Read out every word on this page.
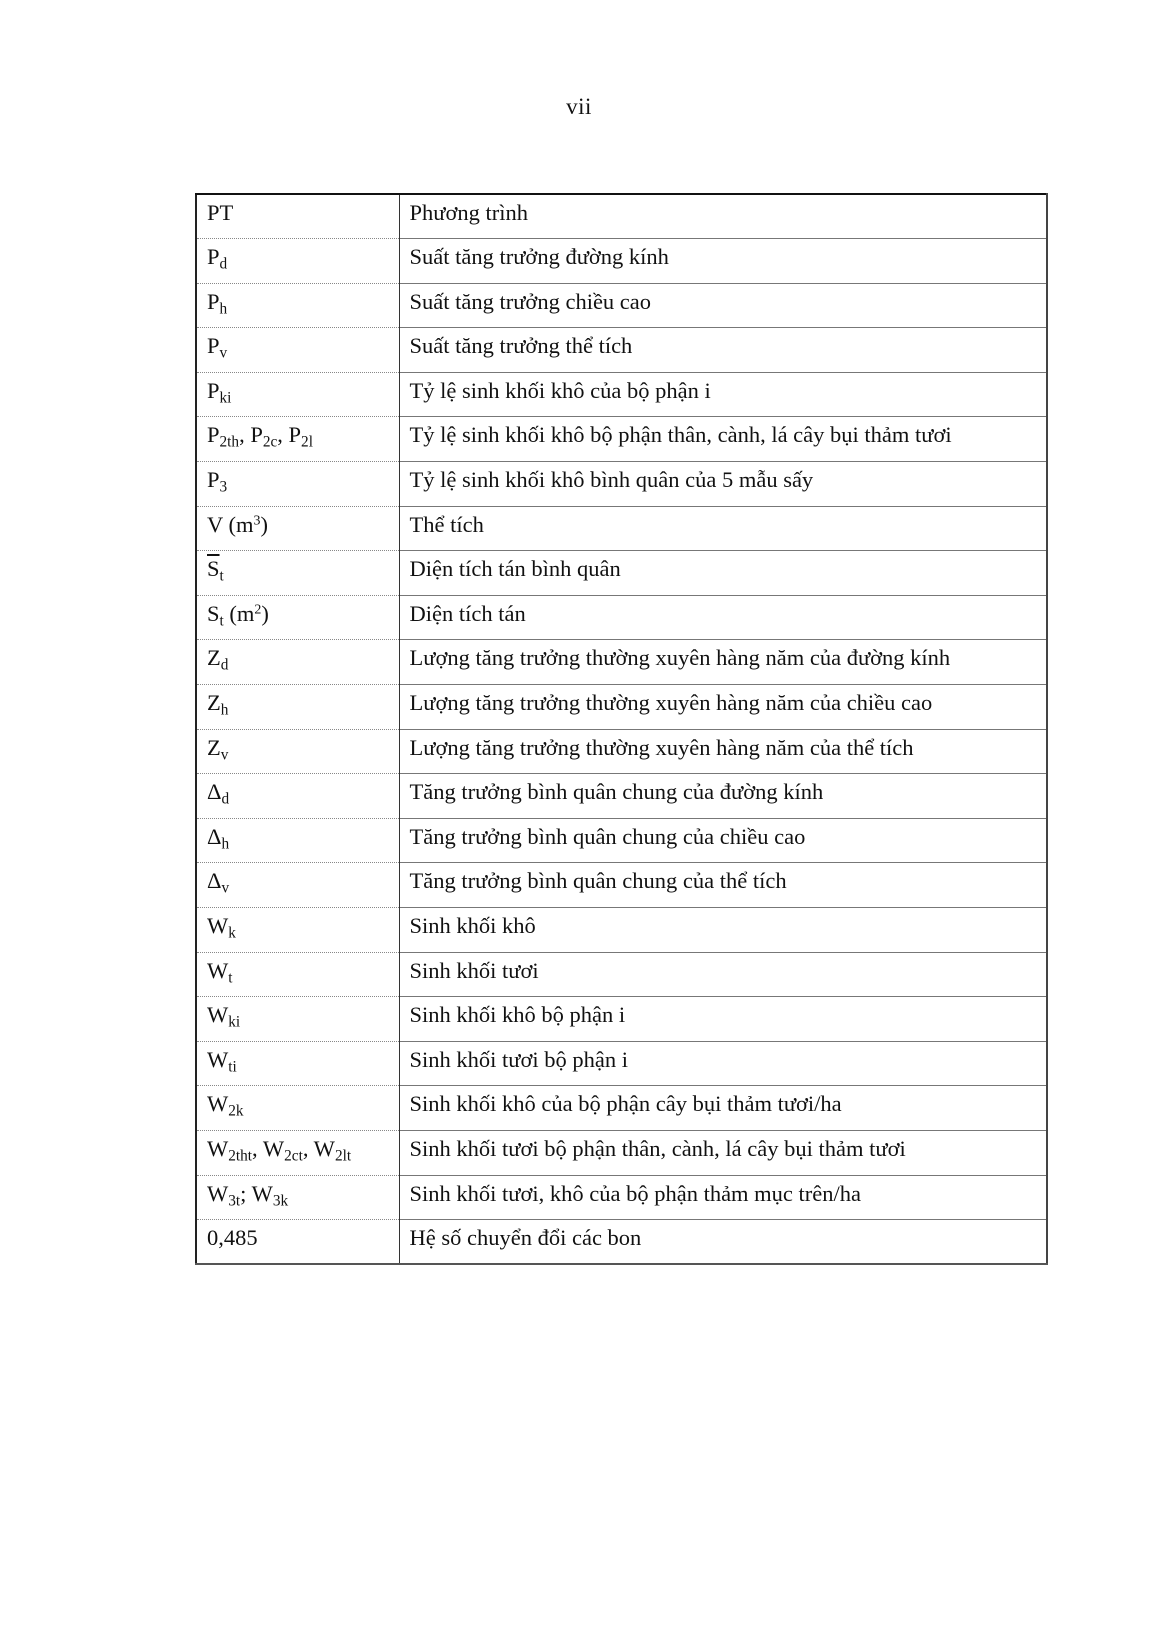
vii
PT	Phương trình
$P_d$	Suất tăng trưởng đường kính
$P_h$	Suất tăng trưởng chiều cao
$P_v$	Suất tăng trưởng thể tích
$P_{ki}$	Tỷ lệ sinh khối khô của bộ phận i
$P_{2th}$, $P_{2c}$, $P_{2l}$	Tỷ lệ sinh khối khô bộ phận thân, cành, lá cây bụi thảm tươi
$P_3$	Tỷ lệ sinh khối khô bình quân của 5 mẫu sấy
V $(m^3)$	Thể tích
$\overline{S}_t$	Diện tích tán bình quân
$S_t$ $(m^2)$	Diện tích tán
$Z_d$	Lượng tăng trưởng thường xuyên hàng năm của đường kính
$Z_h$	Lượng tăng trưởng thường xuyên hàng năm của chiều cao
$Z_v$	Lượng tăng trưởng thường xuyên hàng năm của thể tích
$\Delta_d$	Tăng trưởng bình quân chung của đường kính
$\Delta_h$	Tăng trưởng bình quân chung của chiều cao
$\Delta_v$	Tăng trưởng bình quân chung của thể tích
$W_k$	Sinh khối khô
$W_t$	Sinh khối tươi
$W_{ki}$	Sinh khối khô bộ phận i
$W_{ti}$	Sinh khối tươi bộ phận i
$W_{2k}$	Sinh khối khô của bộ phận cây bụi thảm tươi/ha
$W_{2tht}$, $W_{2ct}$, $W_{2lt}$	Sinh khối tươi bộ phận thân, cành, lá cây bụi thảm tươi
$W_{3t}$; $W_{3k}$	Sinh khối tươi, khô của bộ phận thảm mục trên/ha
0,485	Hệ số chuyển đổi các bon
